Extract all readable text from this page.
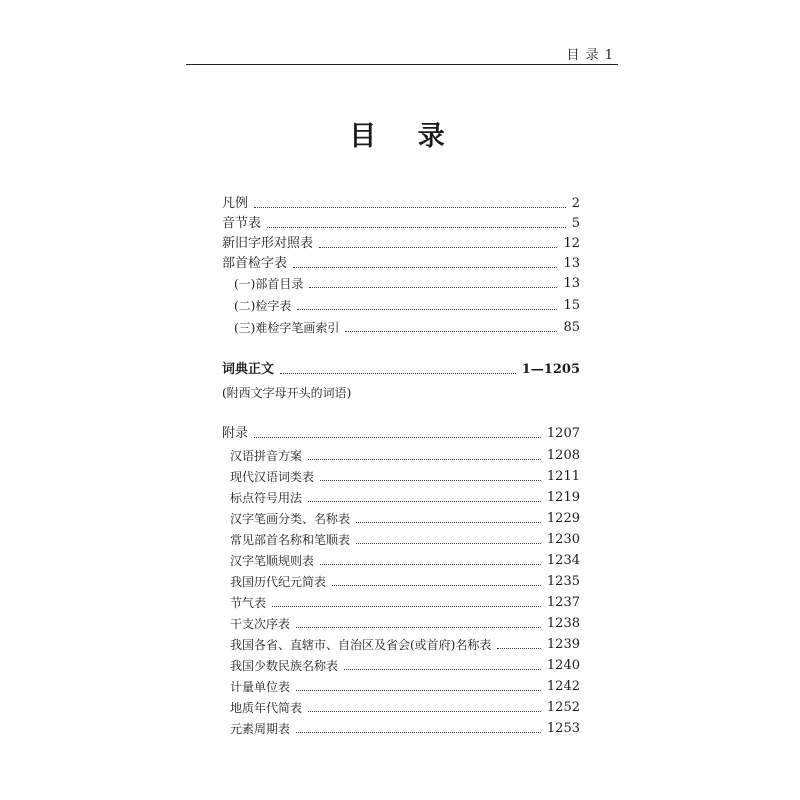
目 录 1
目 录
凡例	2
音节表	5
新旧字形对照表	12
部首检字表	13
(一)部首目录	13
(二)检字表	15
(三)难检字笔画索引	85
词典正文	1—1205
(附西文字母开头的词语)
附录	1207
汉语拼音方案	1208
现代汉语词类表	1211
标点符号用法	1219
汉字笔画分类、名称表	1229
常见部首名称和笔顺表	1230
汉字笔顺规则表	1234
我国历代纪元简表	1235
节气表	1237
干支次序表	1238
我国各省、直辖市、自治区及省会(或首府)名称表	1239
我国少数民族名称表	1240
计量单位表	1242
地质年代简表	1252
元素周期表	1253
